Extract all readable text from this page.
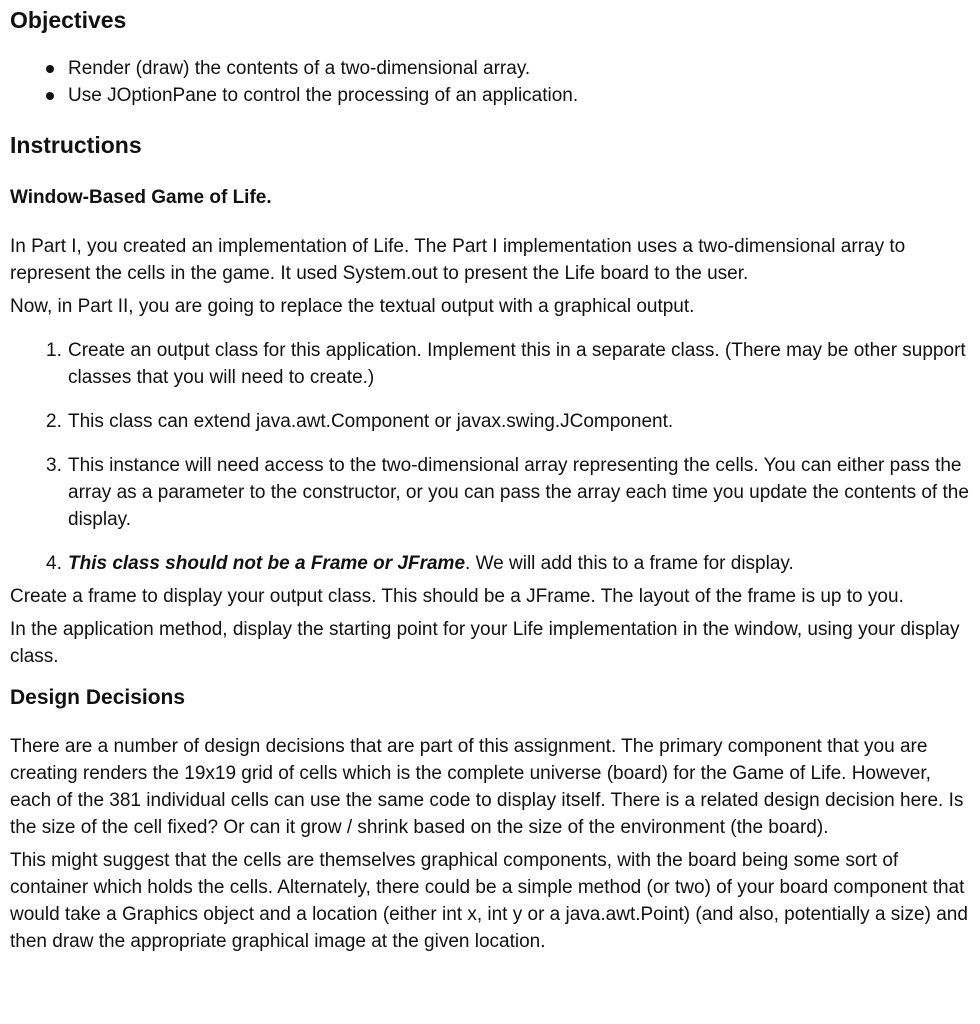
Objectives
Render (draw) the contents of a two-dimensional array.
Use JOptionPane to control the processing of an application.
Instructions
Window-Based Game of Life.

In Part I, you created an implementation of Life. The Part I implementation uses a two-dimensional array to represent the cells in the game. It used System.out to present the Life board to the user.

Now, in Part II, you are going to replace the textual output with a graphical output.

1. Create an output class for this application. Implement this in a separate class. (There may be other support classes that you will need to create.)
2. This class can extend java.awt.Component or javax.swing.JComponent.
3. This instance will need access to the two-dimensional array representing the cells. You can either pass the array as a parameter to the constructor, or you can pass the array each time you update the contents of the display.
4. This class should not be a Frame or JFrame. We will add this to a frame for display.

Create a frame to display your output class. This should be a JFrame. The layout of the frame is up to you.

In the application method, display the starting point for your Life implementation in the window, using your display class.

Design Decisions

There are a number of design decisions that are part of this assignment. The primary component that you are creating renders the 19x19 grid of cells which is the complete universe (board) for the Game of Life. However, each of the 381 individual cells can use the same code to display itself. There is a related design decision here. Is the size of the cell fixed? Or can it grow / shrink based on the size of the environment (the board).

This might suggest that the cells are themselves graphical components, with the board being some sort of container which holds the cells. Alternately, there could be a simple method (or two) of your board component that would take a Graphics object and a location (either int x, int y or a java.awt.Point) (and also, potentially a size) and then draw the appropriate graphical image at the given location.
